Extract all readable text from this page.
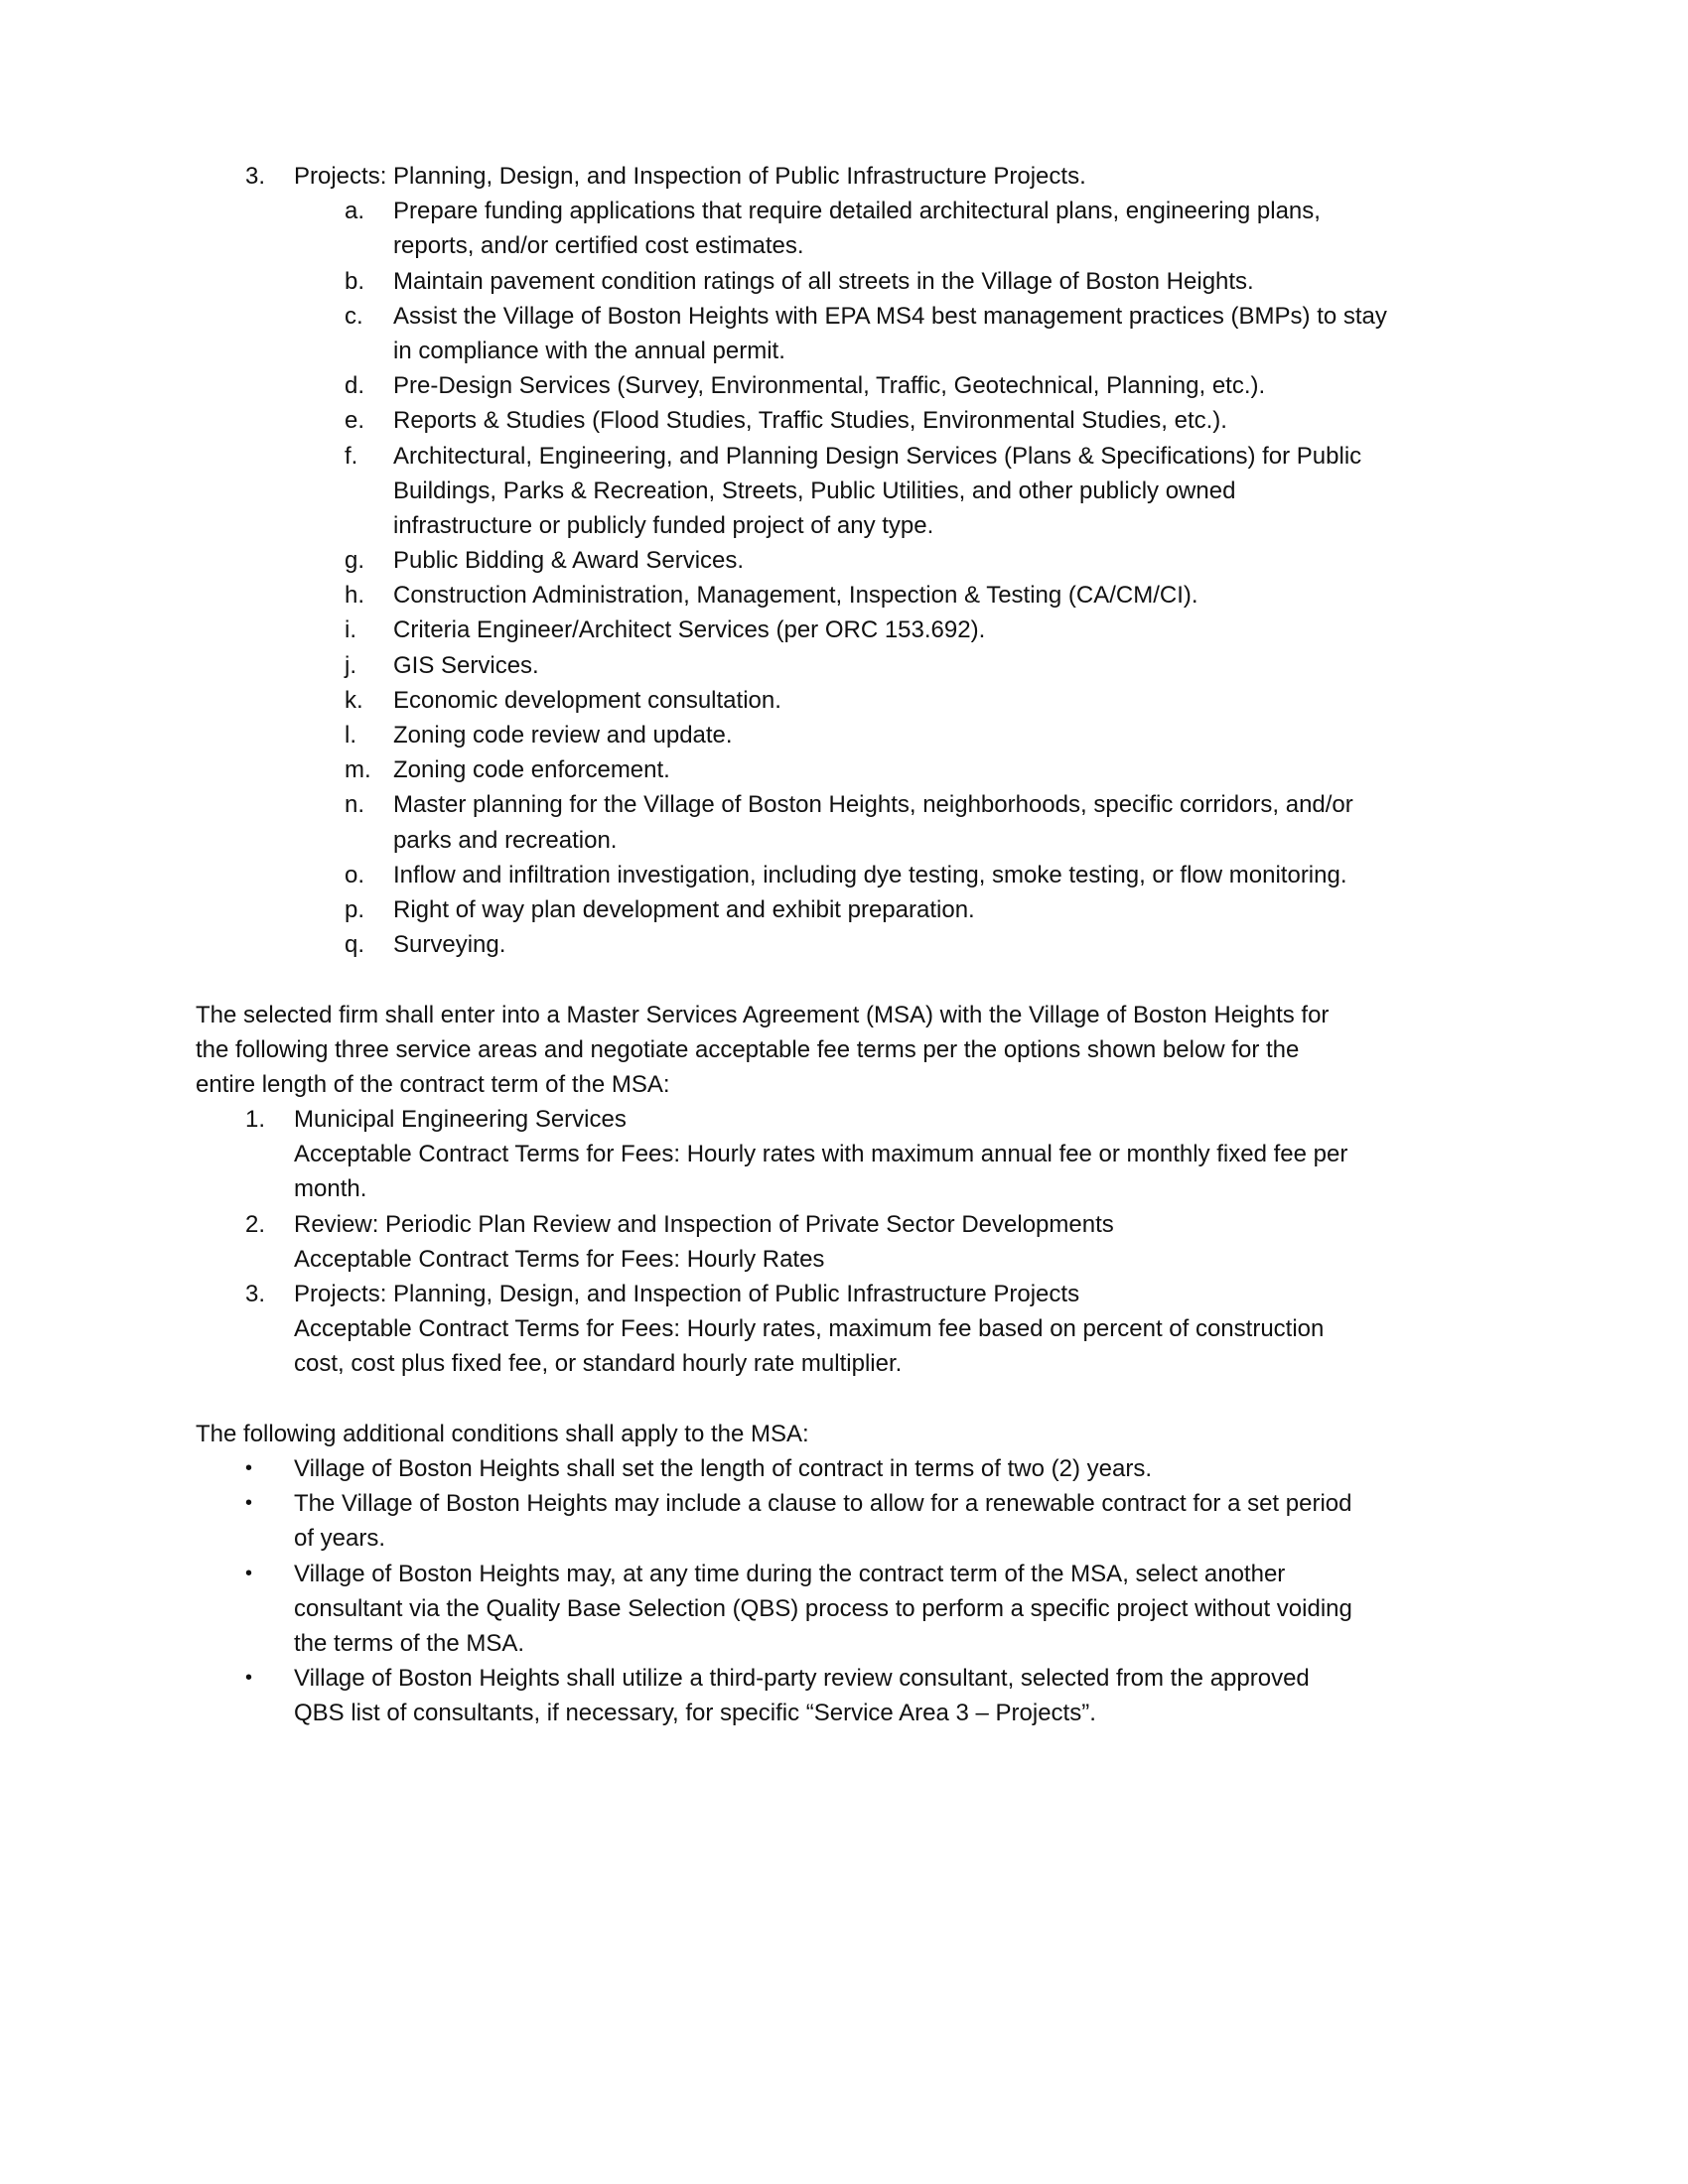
3. Projects: Planning, Design, and Inspection of Public Infrastructure Projects.
a. Prepare funding applications that require detailed architectural plans, engineering plans,
reports, and/or certified cost estimates.
b. Maintain pavement condition ratings of all streets in the Village of Boston Heights.
c. Assist the Village of Boston Heights with EPA MS4 best management practices (BMPs) to stay
in compliance with the annual permit.
d. Pre-Design Services (Survey, Environmental, Traffic, Geotechnical, Planning, etc.).
e. Reports & Studies (Flood Studies, Traffic Studies, Environmental Studies, etc.).
f. Architectural, Engineering, and Planning Design Services (Plans & Specifications) for Public
Buildings, Parks & Recreation, Streets, Public Utilities, and other publicly owned
infrastructure or publicly funded project of any type.
g. Public Bidding & Award Services.
h. Construction Administration, Management, Inspection & Testing (CA/CM/CI).
i. Criteria Engineer/Architect Services (per ORC 153.692).
j. GIS Services.
k. Economic development consultation.
l. Zoning code review and update.
m. Zoning code enforcement.
n. Master planning for the Village of Boston Heights, neighborhoods, specific corridors, and/or
parks and recreation.
o. Inflow and infiltration investigation, including dye testing, smoke testing, or flow monitoring.
p. Right of way plan development and exhibit preparation.
q. Surveying.
The selected firm shall enter into a Master Services Agreement (MSA) with the Village of Boston Heights for
the following three service areas and negotiate acceptable fee terms per the options shown below for the
entire length of the contract term of the MSA:
1. Municipal Engineering Services
Acceptable Contract Terms for Fees: Hourly rates with maximum annual fee or monthly fixed fee per
month.
2. Review: Periodic Plan Review and Inspection of Private Sector Developments
Acceptable Contract Terms for Fees: Hourly Rates
3. Projects: Planning, Design, and Inspection of Public Infrastructure Projects
Acceptable Contract Terms for Fees: Hourly rates, maximum fee based on percent of construction
cost, cost plus fixed fee, or standard hourly rate multiplier.
The following additional conditions shall apply to the MSA:
• Village of Boston Heights shall set the length of contract in terms of two (2) years.
• The Village of Boston Heights may include a clause to allow for a renewable contract for a set period
of years.
• Village of Boston Heights may, at any time during the contract term of the MSA, select another
consultant via the Quality Base Selection (QBS) process to perform a specific project without voiding
the terms of the MSA.
• Village of Boston Heights shall utilize a third-party review consultant, selected from the approved
QBS list of consultants, if necessary, for specific “Service Area 3 – Projects”.
